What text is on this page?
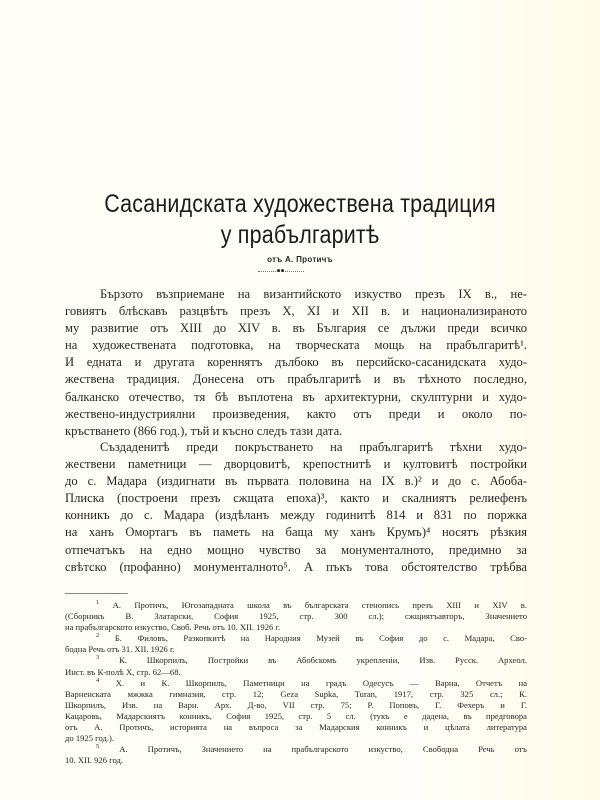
Сасанидската художествена традиция
у прабългаритѣ
отъ А. Протичъ
Бързото възприемане на византийското изкуство презъ IX в., не-
говиятъ блѣскавъ разцвѣтъ презъ X, XI и XII в. и национализираното
му развитие отъ XIII до XIV в. въ България се дължи преди всичко
на художествената подготовка, на творческата мощь на прабългаритѣ¹.
И едната и другата кореннятъ дълбоко въ персийско-сасанидската худо-
жествена традиция. Донесена отъ прабългаритѣ и въ тѣхното последно,
балканско отечество, тя бѣ въплотена въ архитектурни, скулптурни и худо-
жествено-индустриялни произведения, както отъ преди и около по-
кръстването (866 год.), тъй и късно следъ тази дата.
Създаденитѣ преди покръстването на прабългаритѣ тѣхни худо-
жествени паметници — дворцовитѣ, крепостнитѣ и култовитѣ постройки
до с. Мадара (издигнати въ първата половина на IX в.)² и до с. Абоба-
Плиска (построени презъ сжщата епоха)³, както и скалниятъ релиефенъ
конникъ до с. Мадара (издѣланъ между годинитѣ 814 и 831 по поржка
на ханъ Омортагъ въ паметь на баща му ханъ Крумъ)⁴ носятъ рѣзкия
отпечатъкъ на едно мощно чувство за монументалното, предимно за
свѣтско (профанно) монументалното⁵. А пъкъ това обстоятелство трѣбва
$^1$ А. Протичъ, Югозападната школа въ българската стенопись презъ XIII и XIV в.
(Сборникъ В. Златарски, София 1925, стр. 300 сл.); сжщиятъавторъ, Значението
на прабългарското изкуство, Своб. Речь отъ 10. XII. 1926 г.
$^2$ Б. Филовъ, Разкопкитѣ на Народния Музей въ София до с. Мадара, Сво-
бодна Речь отъ 31. XII. 1926 г.
$^3$ К. Шкорпилъ, Постройки въ Абобскомъ укрепленiи, Изв. Русск. Археол.
Инст. въ К-полѣ X, стр. 62—68.
$^4$ Х. и К. Шкорпилъ, Паметници на градъ Одесусъ — Варна, Отчетъ на
Варненската мжжка гимназия, стр. 12; Geza Supka, Turan, 1917, стр. 325 сл.; К.
Шкорпилъ, Изв. на Варн. Арх. Д-во, VII стр. 75; Р. Поповъ, Г. Фехеръ и Г.
Кацаровъ, Мадарскиятъ конникъ, София 1925, стр. 5 сл. (тукъ е дадена, въ предговора
отъ А. Протичъ, историята на въпроса за Мадарския конникъ и цѣлата литература
до 1925 год.).
$^5$ А. Протичъ, Значението на прабългарското изкуство, Свободна Речь отъ
10. XII. 926 год.
